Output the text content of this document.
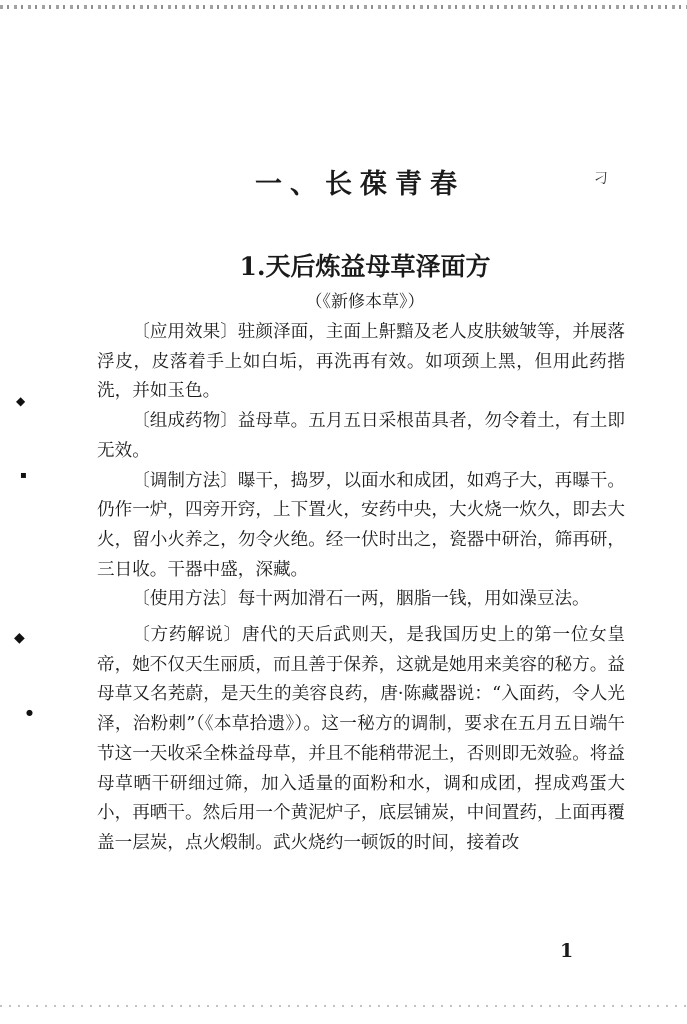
一、长葆青春	刁
1.天后炼益母草泽面方
（《新修本草》）

〔应用效果〕驻颜泽面，主面上鼾黯及老人皮肤皴皱等，并展落浮皮，皮落着手上如白垢，再洗再有效。如项颈上黑，但用此药揩洗，并如玉色。

〔组成药物〕益母草。五月五日采根苗具者，勿令着土，有土即无效。

〔调制方法〕曝干，捣罗，以面水和成团，如鸡子大，再曝干。仍作一炉，四旁开窍，上下置火，安药中央，大火烧一炊久，即去大火，留小火养之，勿令火绝。经一伏时出之，瓷器中研治，筛再研，三日收。干器中盛，深藏。

〔使用方法〕每十两加滑石一两，胭脂一钱，用如澡豆法。

〔方药解说〕唐代的天后武则天，是我国历史上的第一位女皇帝，她不仅天生丽质，而且善于保养，这就是她用来美容的秘方。益母草又名茺蔚，是天生的美容良药，唐·陈藏器说：“入面药，令人光泽，治粉刺”（《本草拾遗》）。这一秘方的调制，要求在五月五日端午节这一天收采全株益母草，并且不能稍带泥土，否则即无效验。将益母草晒干研细过筛，加入适量的面粉和水，调和成团，捏成鸡蛋大小，再晒干。然后用一个黄泥炉子，底层铺炭，中间置药，上面再覆盖一层炭，点火煅制。武火烧约一顿饭的时间，接着改

◆
▪
◆
●
1
